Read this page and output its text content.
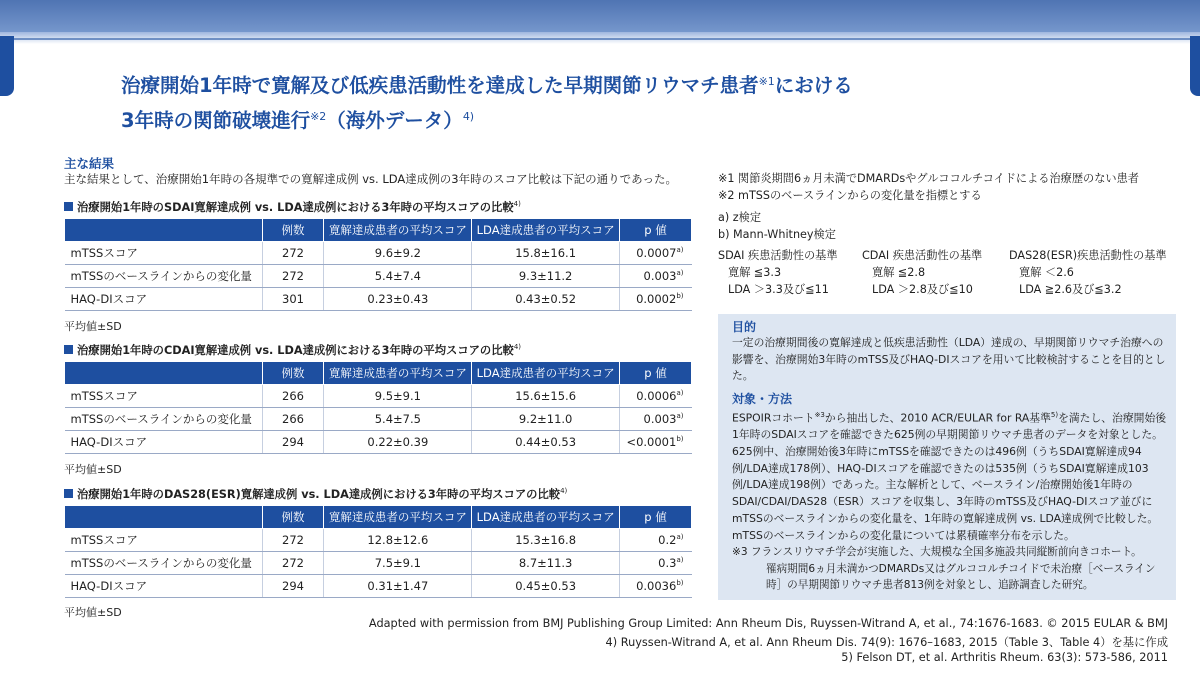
治療開始1年時で寛解及び低疾患活動性を達成した早期関節リウマチ患者$^{※1}$における
3年時の関節破壊進行$^{※2}$（海外データ）$^{4)}$
主な結果
主な結果として、治療開始1年時の各規準での寛解達成例 vs. LDA達成例の3年時のスコア比較は下記の通りであった。
治療開始1年時のSDAI寛解達成例 vs. LDA達成例における3年時の平均スコアの比較$^{4)}$
	例数	寛解達成患者の平均スコア	LDA達成患者の平均スコア	p 値
mTSSスコア	272	9.6±9.2	15.8±16.1	0.0007$^{a)}$
mTSSのベースラインからの変化量	272	5.4±7.4	9.3±11.2	0.003$^{a)}$
HAQ-DIスコア	301	0.23±0.43	0.43±0.52	0.0002$^{b)}$
平均値±SD
治療開始1年時のCDAI寛解達成例 vs. LDA達成例における3年時の平均スコアの比較$^{4)}$
	例数	寛解達成患者の平均スコア	LDA達成患者の平均スコア	p 値
mTSSスコア	266	9.5±9.1	15.6±15.6	0.0006$^{a)}$
mTSSのベースラインからの変化量	266	5.4±7.5	9.2±11.0	0.003$^{a)}$
HAQ-DIスコア	294	0.22±0.39	0.44±0.53	$<0.0001^{b)}$
平均値±SD
治療開始1年時のDAS28(ESR)寛解達成例 vs. LDA達成例における3年時の平均スコアの比較$^{4)}$
	例数	寛解達成患者の平均スコア	LDA達成患者の平均スコア	p 値
mTSSスコア	272	12.8±12.6	15.3±16.8	0.2$^{a)}$
mTSSのベースラインからの変化量	272	7.5±9.1	8.7±11.3	0.3$^{a)}$
HAQ-DIスコア	294	0.31±1.47	0.45±0.53	0.0036$^{b)}$
平均値±SD
※1 関節炎期間6ヵ月未満でDMARDsやグルココルチコイドによる治療歴のない患者
※2 mTSSのベースラインからの変化量を指標とする
a) z検定
b) Mann-Whitney検定
SDAI 疾患活動性の基準
寛解 ≦3.3
LDA ＞3.3及び≦11
CDAI 疾患活動性の基準
寛解 ≦2.8
LDA ＞2.8及び≦10
DAS28(ESR)疾患活動性の基準
寛解 ＜2.6
LDA ≧2.6及び≦3.2
目的
一定の治療期間後の寛解達成と低疾患活動性（LDA）達成の、早期関節リウマチ治療への影響を、治療開始3年時のmTSS及びHAQ-DIスコアを用いて比較検討することを目的とした。
対象・方法
ESPOIRコホート$^{※3}$から抽出した、2010 ACR/EULAR for RA基準$^{5)}$を満たし、治療開始後1年時のSDAIスコアを確認できた625例の早期関節リウマチ患者のデータを対象とした。625例中、治療開始後3年時にmTSSを確認できたのは496例（うちSDAI寛解達成94例/LDA達成178例）、HAQ-DIスコアを確認できたのは535例（うちSDAI寛解達成103例/LDA達成198例）であった。主な解析として、ベースライン/治療開始後1年時のSDAI/CDAI/DAS28（ESR）スコアを収集し、3年時のmTSS及びHAQ-DIスコア並びにmTSSのベースラインからの変化量を、1年時の寛解達成例 vs. LDA達成例で比較した。mTSSのベースラインからの変化量については累積確率分布を示した。
※3 フランスリウマチ学会が実施した、大規模な全国多施設共同縦断前向きコホート。
罹病期間6ヵ月未満かつDMARDs又はグルココルチコイドで未治療［ベースライン時］の早期関節リウマチ患者813例を対象とし、追跡調査した研究。
Adapted with permission from BMJ Publishing Group Limited: Ann Rheum Dis, Ruyssen-Witrand A, et al., 74:1676-1683. © 2015 EULAR & BMJ
4) Ruyssen-Witrand A, et al. Ann Rheum Dis. 74(9): 1676–1683, 2015（Table 3、Table 4）を基に作成
5) Felson DT, et al. Arthritis Rheum. 63(3): 573-586, 2011
